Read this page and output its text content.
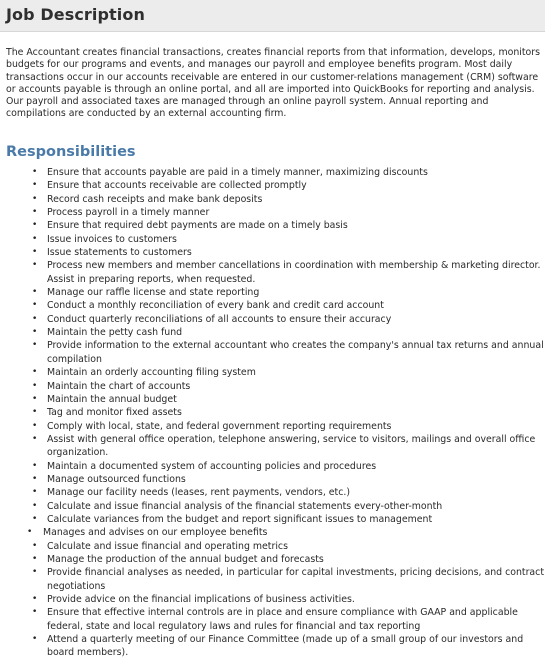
Job Description

The Accountant creates financial transactions, creates financial reports from that information, develops, monitors budgets for our programs and events, and manages our payroll and employee benefits program. Most daily transactions occur in our accounts receivable are entered in our customer-relations management (CRM) software or accounts payable is through an online portal, and all are imported into QuickBooks for reporting and analysis. Our payroll and associated taxes are managed through an online payroll system. Annual reporting and compilations are conducted by an external accounting firm.

Responsibilities
• Ensure that accounts payable are paid in a timely manner, maximizing discounts
• Ensure that accounts receivable are collected promptly
• Record cash receipts and make bank deposits
• Process payroll in a timely manner
• Ensure that required debt payments are made on a timely basis
• Issue invoices to customers
• Issue statements to customers
• Process new members and member cancellations in coordination with membership & marketing director. Assist in preparing reports, when requested.
• Manage our raffle license and state reporting
• Conduct a monthly reconciliation of every bank and credit card account
• Conduct quarterly reconciliations of all accounts to ensure their accuracy
• Maintain the petty cash fund
• Provide information to the external accountant who creates the company's annual tax returns and annual compilation
• Maintain an orderly accounting filing system
• Maintain the chart of accounts
• Maintain the annual budget
• Tag and monitor fixed assets
• Comply with local, state, and federal government reporting requirements
• Assist with general office operation, telephone answering, service to visitors, mailings and overall office organization.
• Maintain a documented system of accounting policies and procedures
• Manage outsourced functions
• Manage our facility needs (leases, rent payments, vendors, etc.)
• Calculate and issue financial analysis of the financial statements every-other-month
• Calculate variances from the budget and report significant issues to management
• Manages and advises on our employee benefits
• Calculate and issue financial and operating metrics
• Manage the production of the annual budget and forecasts
• Provide financial analyses as needed, in particular for capital investments, pricing decisions, and contract negotiations
• Provide advice on the financial implications of business activities.
• Ensure that effective internal controls are in place and ensure compliance with GAAP and applicable federal, state and local regulatory laws and rules for financial and tax reporting
• Attend a quarterly meeting of our Finance Committee (made up of a small group of our investors and board members).
